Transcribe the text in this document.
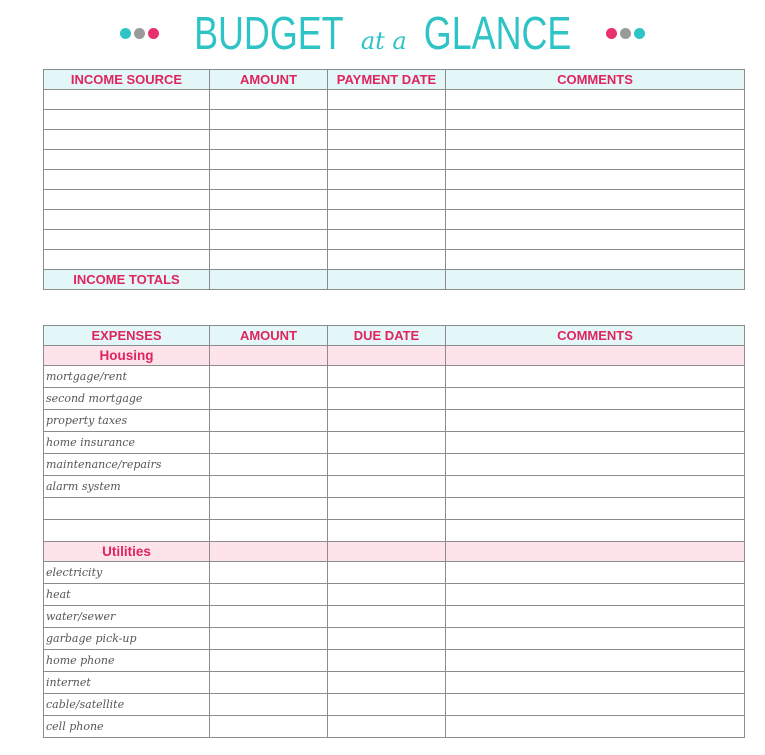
BUDGET at a GLANCE
INCOME SOURCE	AMOUNT	PAYMENT DATE	COMMENTS

INCOME TOTALS			
EXPENSES	AMOUNT	DUE DATE	COMMENTS
Housing			
mortgage/rent			
second mortgage			
property taxes			
home insurance			
maintenance/repairs			
alarm system			

Utilities			
electricity			
heat			
water/sewer			
garbage pick-up			
home phone			
internet			
cable/satellite			
cell phone			
